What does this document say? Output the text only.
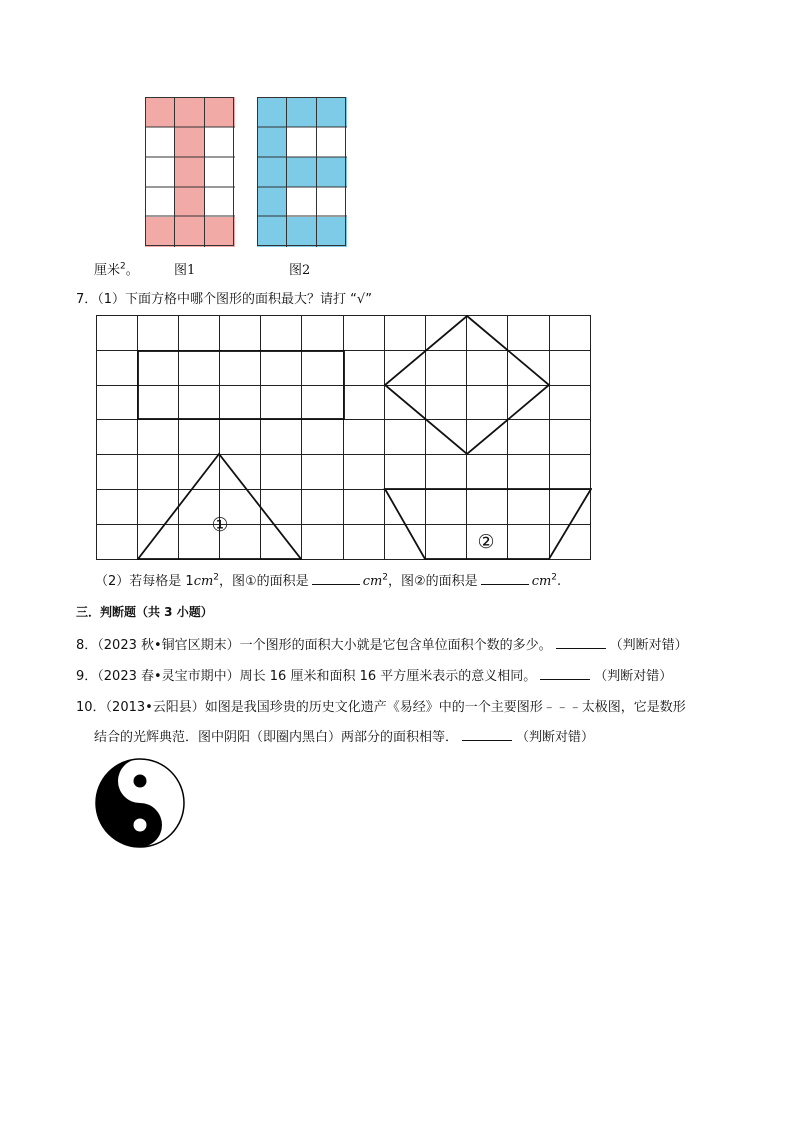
厘米$^2$。	图1	图2
7．（1）下面方格中哪个图形的面积最大？请打 “√”
①
②
（2）若每格是 $1cm^2$，图①的面积是	$cm^2$，图②的面积是	$cm^2$.
三．判断题（共 3 小题）
8．（2023 秋•铜官区期末）一个图形的面积大小就是它包含单位面积个数的多少。	（判断对错）
9．（2023 春•灵宝市期中）周长 16 厘米和面积 16 平方厘米表示的意义相同。	（判断对错）
10．（2013•云阳县）如图是我国珍贵的历史文化遗产《易经》中的一个主要图形﹣﹣﹣太极图，它是数形
结合的光辉典范．图中阴阳（即圈内黑白）两部分的面积相等．	（判断对错）
